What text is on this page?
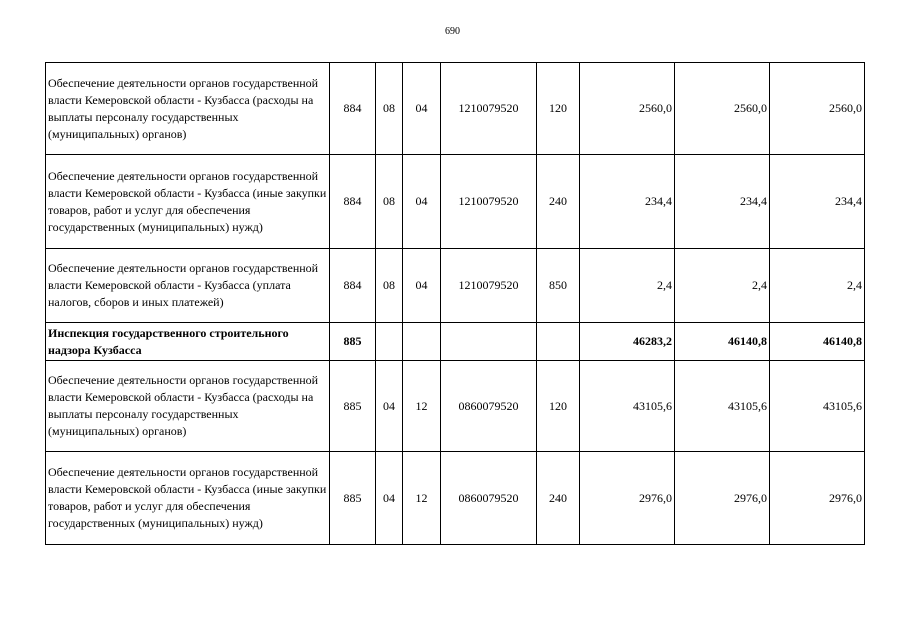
690
Обеспечение деятельности органов государственной власти Кемеровской области - Кузбасса (расходы на выплаты персоналу государственных (муниципальных) органов)	884	08	04	1210079520	120	2560,0	2560,0	2560,0
Обеспечение деятельности органов государственной власти Кемеровской области - Кузбасса (иные закупки товаров, работ и услуг для обеспечения государственных (муниципальных) нужд)	884	08	04	1210079520	240	234,4	234,4	234,4
Обеспечение деятельности органов государственной власти Кемеровской области - Кузбасса (уплата налогов, сборов и иных платежей)	884	08	04	1210079520	850	2,4	2,4	2,4
Инспекция государственного строительного надзора Кузбасса	885					46283,2	46140,8	46140,8
Обеспечение деятельности органов государственной власти Кемеровской области - Кузбасса (расходы на выплаты персоналу государственных (муниципальных) органов)	885	04	12	0860079520	120	43105,6	43105,6	43105,6
Обеспечение деятельности органов государственной власти Кемеровской области - Кузбасса (иные закупки товаров, работ и услуг для обеспечения государственных (муниципальных) нужд)	885	04	12	0860079520	240	2976,0	2976,0	2976,0
